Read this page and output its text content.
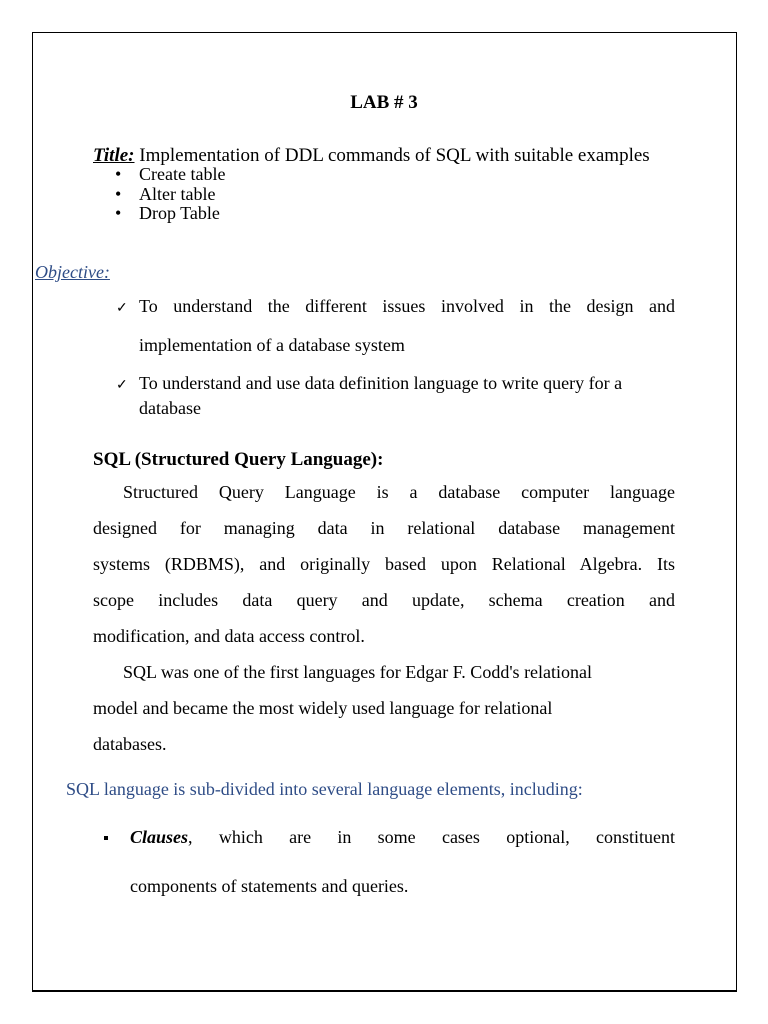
LAB # 3
Title: Implementation of DDL commands of SQL with suitable examples
• Create table
• Alter table
• Drop Table
Objective:
✓ To understand the different issues involved in the design and
implementation of a database system
✓ To understand and use data definition language to write query for a
database
SQL (Structured Query Language):
Structured Query Language is a database computer language
designed for managing data in relational database management
systems (RDBMS), and originally based upon Relational Algebra. Its
scope includes data query and update, schema creation and
modification, and data access control.
SQL was one of the first languages for Edgar F. Codd's relational
model and became the most widely used language for relational
databases.
SQL language is sub-divided into several language elements, including:
Clauses, which are in some cases optional, constituent
components of statements and queries.
